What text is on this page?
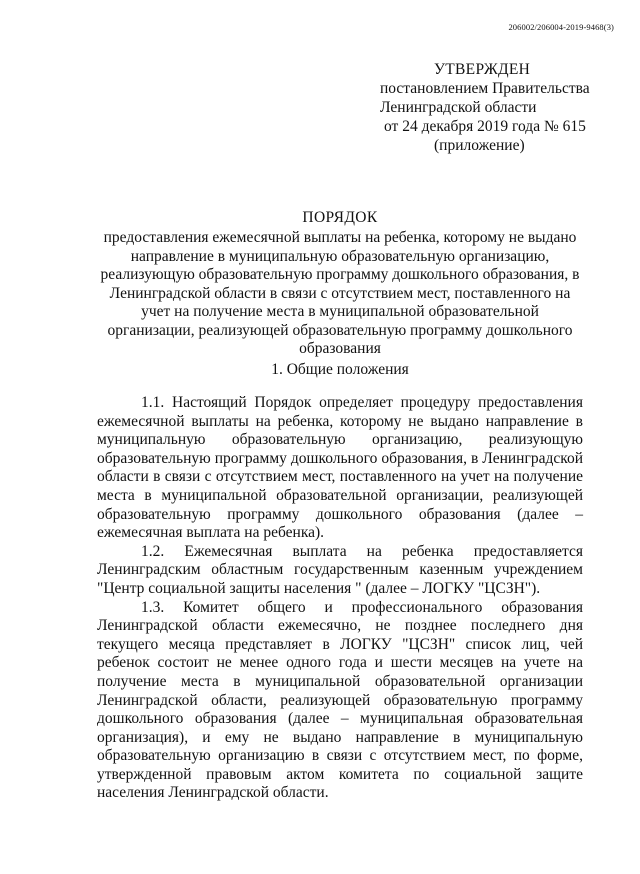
206002/206004-2019-9468(3)
УТВЕРЖДЕН
постановлением Правительства
Ленинградской области
от 24 декабря 2019 года № 615
(приложение)
ПОРЯДОК
предоставления ежемесячной выплаты на ребенка, которому не выдано направление в муниципальную образовательную организацию, реализующую образовательную программу дошкольного образования, в Ленинградской области в связи с отсутствием мест, поставленного на учет на получение места в муниципальной образовательной организации, реализующей образовательную программу дошкольного образования
1. Общие положения

1.1. Настоящий Порядок определяет процедуру предоставления ежемесячной выплаты на ребенка, которому не выдано направление в муниципальную образовательную организацию, реализующую образовательную программу дошкольного образования, в Ленинградской области в связи с отсутствием мест, поставленного на учет на получение места в муниципальной образовательной организации, реализующей образовательную программу дошкольного образования (далее – ежемесячная выплата на ребенка).

1.2. Ежемесячная выплата на ребенка предоставляется Ленинградским областным государственным казенным учреждением "Центр социальной защиты населения " (далее – ЛОГКУ "ЦСЗН").

1.3. Комитет общего и профессионального образования Ленинградской области ежемесячно, не позднее последнего дня текущего месяца представляет в ЛОГКУ "ЦСЗН" список лиц, чей ребенок состоит не менее одного года и шести месяцев на учете на получение места в муниципальной образовательной организации Ленинградской области, реализующей образовательную программу дошкольного образования (далее – муниципальная образовательная организация), и ему не выдано направление в муниципальную образовательную организацию в связи с отсутствием мест, по форме, утвержденной правовым актом комитета по социальной защите населения Ленинградской области.
